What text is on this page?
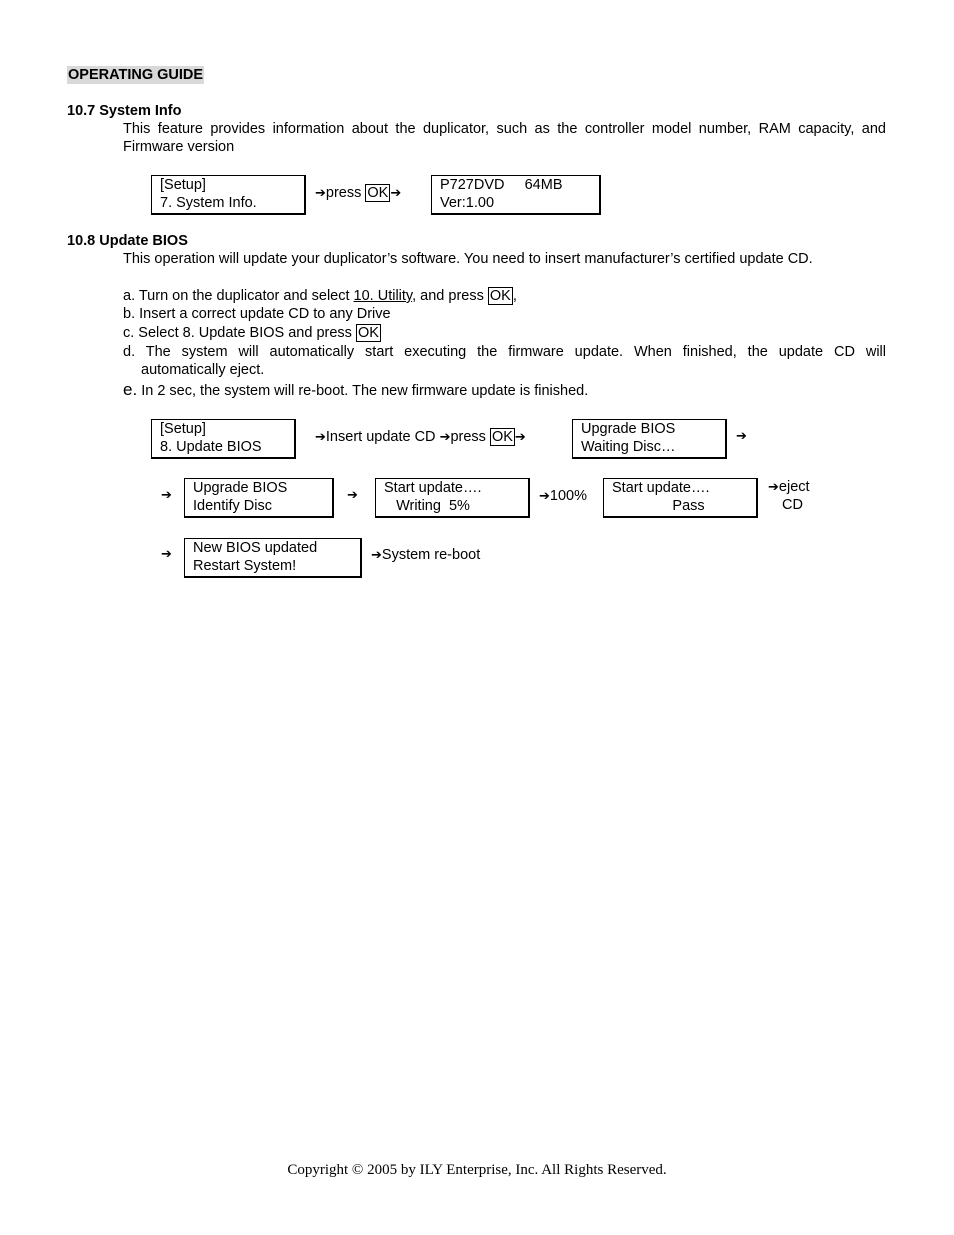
OPERATING GUIDE
10.7 System Info
This feature provides information about the duplicator, such as the controller model number, RAM capacity, and Firmware version
[Setup]
7. System Info.
➔press OK ➔
P727DVD     64MB
Ver:1.00
10.8 Update BIOS
This operation will update your duplicator’s software. You need to insert manufacturer’s certified update CD.
a. Turn on the duplicator and select 10. Utility, and press OK ,
b. Insert a correct update CD to any Drive
c. Select 8. Update BIOS and press OK
d. The system will automatically start executing the firmware update. When finished, the update CD will
automatically eject.
e. In 2 sec, the system will re-boot. The new firmware update is finished.
[Setup]
8. Update BIOS
➔Insert update CD ➔press OK ➔
Upgrade BIOS
Waiting Disc…
➔
➔ Upgrade BIOS
Identify Disc
➔ Start update….
Writing  5%
➔100% Start update….
Pass
➔eject
CD
➔ New BIOS updated
Restart System!
➔System re-boot
Copyright © 2005 by ILY Enterprise, Inc. All Rights Reserved.
